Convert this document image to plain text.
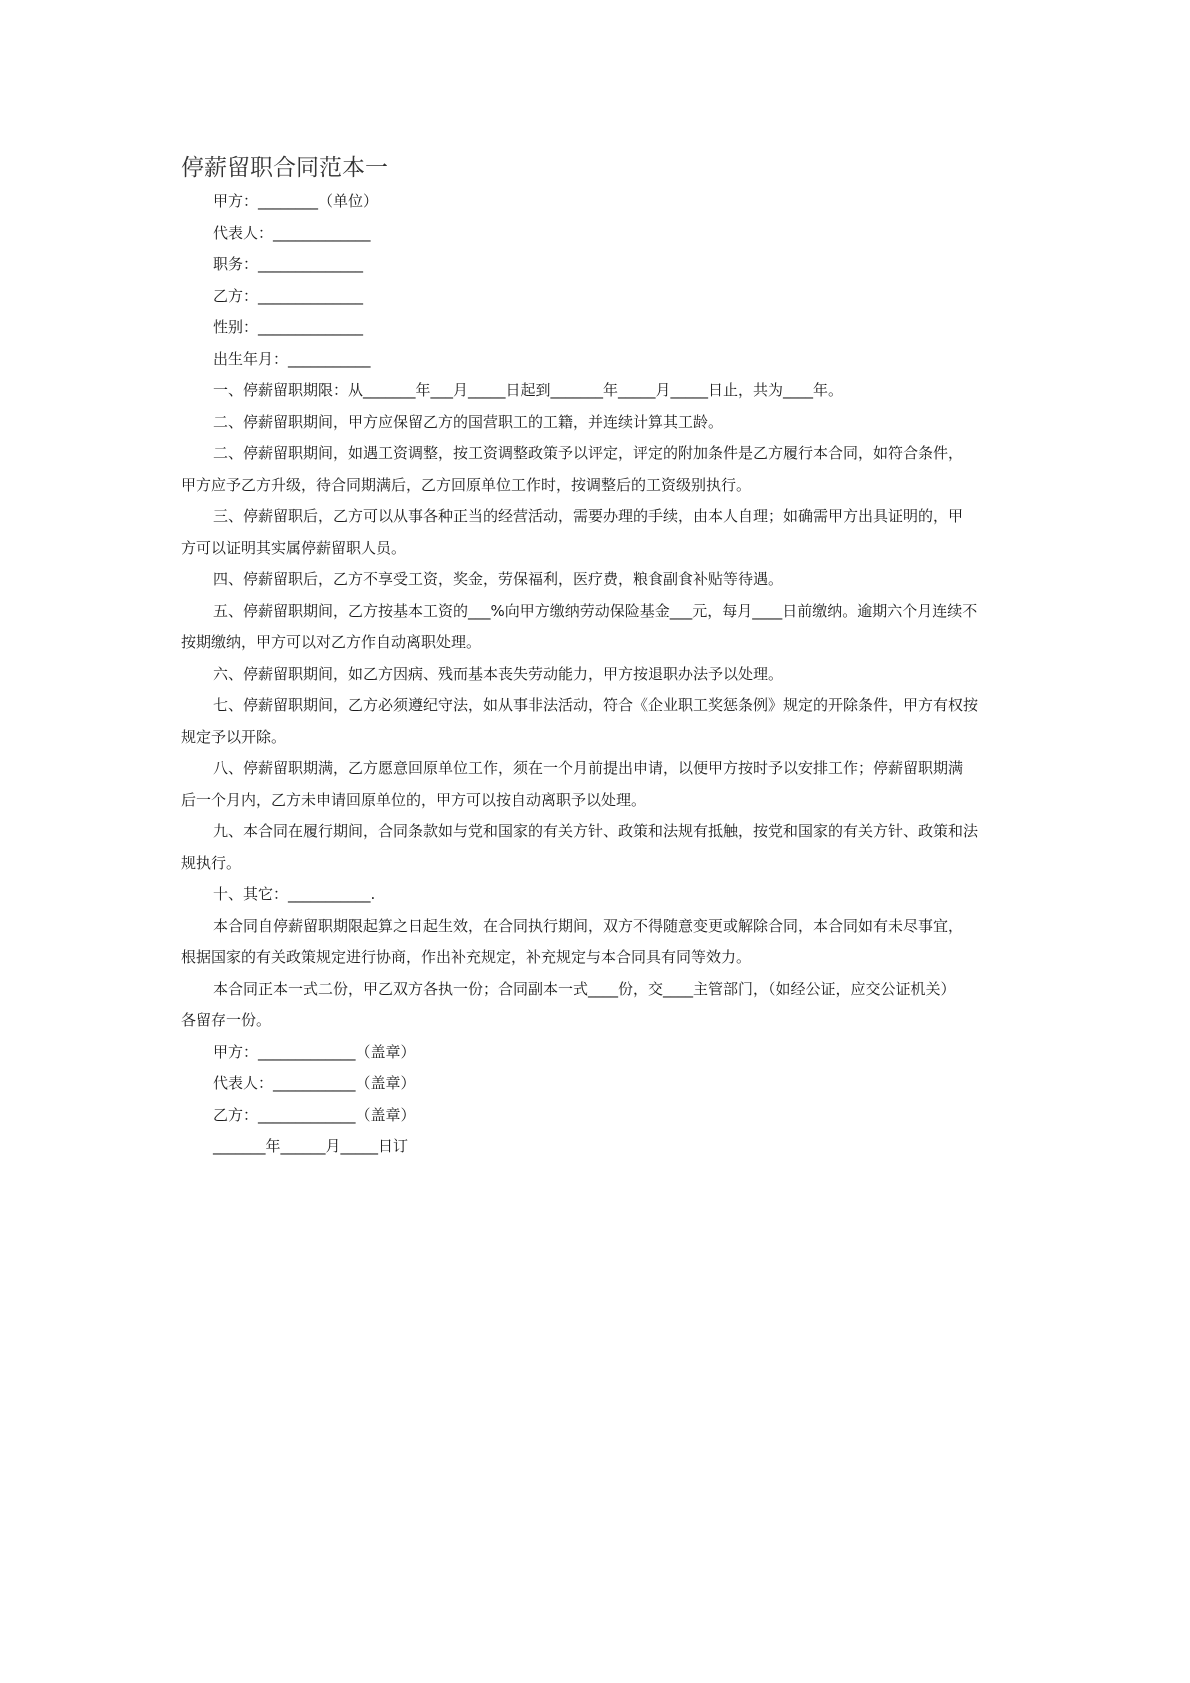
停薪留职合同范本一
甲方：________（单位）
代表人：_____________
职务：______________
乙方：______________
性别：______________
出生年月：___________
一、停薪留职期限：从_______年___月_____日起到_______年_____月_____日止，共为____年。
二、停薪留职期间，甲方应保留乙方的国营职工的工籍，并连续计算其工龄。
二、停薪留职期间，如遇工资调整，按工资调整政策予以评定，评定的附加条件是乙方履行本合同，如符合条件，
甲方应予乙方升级，待合同期满后，乙方回原单位工作时，按调整后的工资级别执行。
三、停薪留职后，乙方可以从事各种正当的经营活动，需要办理的手续，由本人自理；如确需甲方出具证明的，甲
方可以证明其实属停薪留职人员。
四、停薪留职后，乙方不享受工资，奖金，劳保福利，医疗费，粮食副食补贴等待遇。
五、停薪留职期间，乙方按基本工资的___%向甲方缴纳劳动保险基金___元，每月____日前缴纳。逾期六个月连续不
按期缴纳，甲方可以对乙方作自动离职处理。
六、停薪留职期间，如乙方因病、残而基本丧失劳动能力，甲方按退职办法予以处理。
七、停薪留职期间，乙方必须遵纪守法，如从事非法活动，符合《企业职工奖惩条例》规定的开除条件，甲方有权按
规定予以开除。
八、停薪留职期满，乙方愿意回原单位工作，须在一个月前提出申请，以便甲方按时予以安排工作；停薪留职期满
后一个月内，乙方未申请回原单位的，甲方可以按自动离职予以处理。
九、本合同在履行期间，合同条款如与党和国家的有关方针、政策和法规有抵触，按党和国家的有关方针、政策和法
规执行。
十、其它：___________.
本合同自停薪留职期限起算之日起生效，在合同执行期间，双方不得随意变更或解除合同，本合同如有未尽事宜，
根据国家的有关政策规定进行协商，作出补充规定，补充规定与本合同具有同等效力。
本合同正本一式二份，甲乙双方各执一份；合同副本一式____份，交____主管部门，（如经公证，应交公证机关）
各留存一份。
甲方：_____________（盖章）
代表人：___________（盖章）
乙方：_____________（盖章）
_______年______月_____日订
